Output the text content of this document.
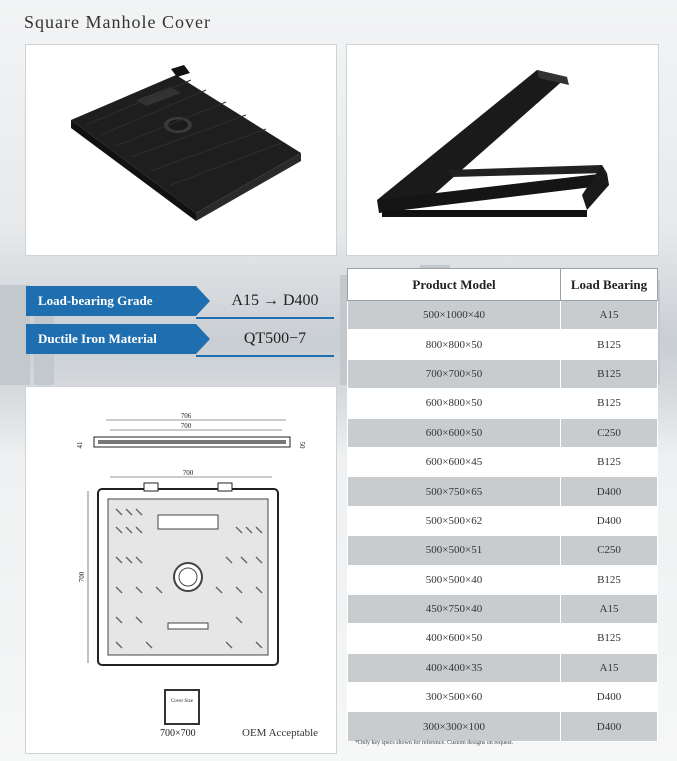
Square Manhole Cover
Load-bearing Grade	A15 → D400
Ductile Iron Material	QT500−7
706
700
41	50
700
700
Cover Size
700×700	OEM Acceptable
Product Model	Load Bearing
500×1000×40	A15
800×800×50	B125
700×700×50	B125
600×800×50	B125
600×600×50	C250
600×600×45	B125
500×750×65	D400
500×500×62	D400
500×500×51	C250
500×500×40	B125
450×750×40	A15
400×600×50	B125
400×400×35	A15
300×500×60	D400
300×300×100	D400
*Only key specs shown for reference. Custom designs on request.
